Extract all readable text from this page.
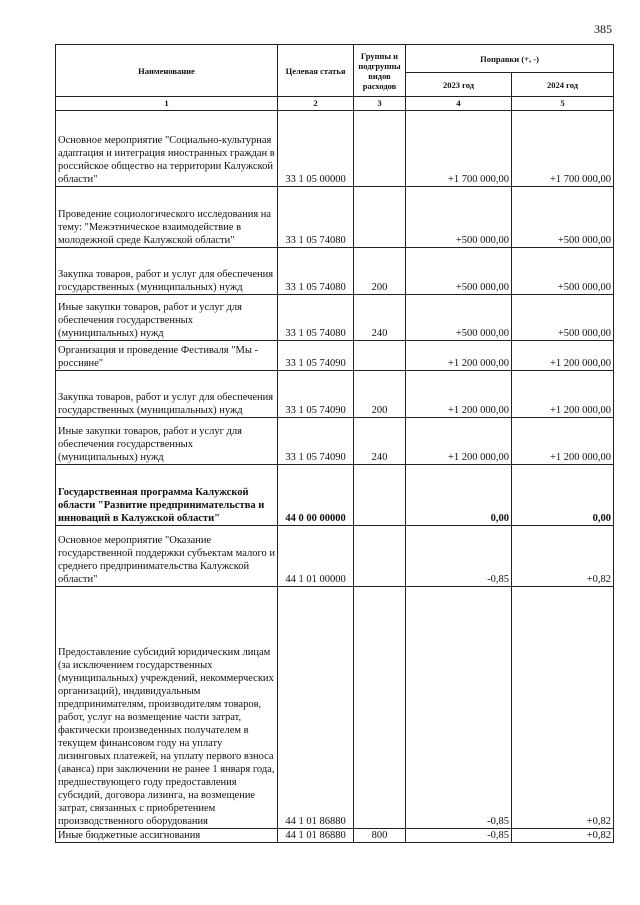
385
Наименование	Целевая статья	Группы и подгруппы видов расходов	Поправки (+, -)	
			2023 год	2024 год
1	2	3	4	5
Основное мероприятие "Социально-культурная адаптация и интеграция иностранных граждан в российское общество на территории Калужской области"	33 1 05 00000		+1 700 000,00	+1 700 000,00
Проведение социологического исследования на тему: "Межэтническое взаимодействие в молодежной среде Калужской области"	33 1 05 74080		+500 000,00	+500 000,00
Закупка товаров, работ и услуг для обеспечения государственных (муниципальных) нужд	33 1 05 74080	200	+500 000,00	+500 000,00
Иные закупки товаров, работ и услуг для обеспечения государственных (муниципальных) нужд	33 1 05 74080	240	+500 000,00	+500 000,00
Организация и проведение Фестиваля "Мы - россияне"	33 1 05 74090		+1 200 000,00	+1 200 000,00
Закупка товаров, работ и услуг для обеспечения государственных (муниципальных) нужд	33 1 05 74090	200	+1 200 000,00	+1 200 000,00
Иные закупки товаров, работ и услуг для обеспечения государственных (муниципальных) нужд	33 1 05 74090	240	+1 200 000,00	+1 200 000,00
Государственная программа Калужской области "Развитие предпринимательства и инноваций в Калужской области"	44 0 00 00000		0,00	0,00
Основное мероприятие "Оказание государственной поддержки субъектам малого и среднего предпринимательства Калужской области"	44 1 01 00000		-0,85	+0,82
Предоставление субсидий юридическим лицам (за исключением государственных (муниципальных) учреждений, некоммерческих организаций), индивидуальным предпринимателям, производителям товаров, работ, услуг на возмещение части затрат, фактически произведенных получателем в текущем финансовом году на уплату лизинговых платежей, на уплату первого взноса (аванса) при заключении не ранее 1 января года, предшествующего году предоставления субсидий, договора лизинга, на возмещение затрат, связанных с приобретением производственного оборудования	44 1 01 86880		-0,85	+0,82
Иные бюджетные ассигнования	44 1 01 86880	800	-0,85	+0,82
